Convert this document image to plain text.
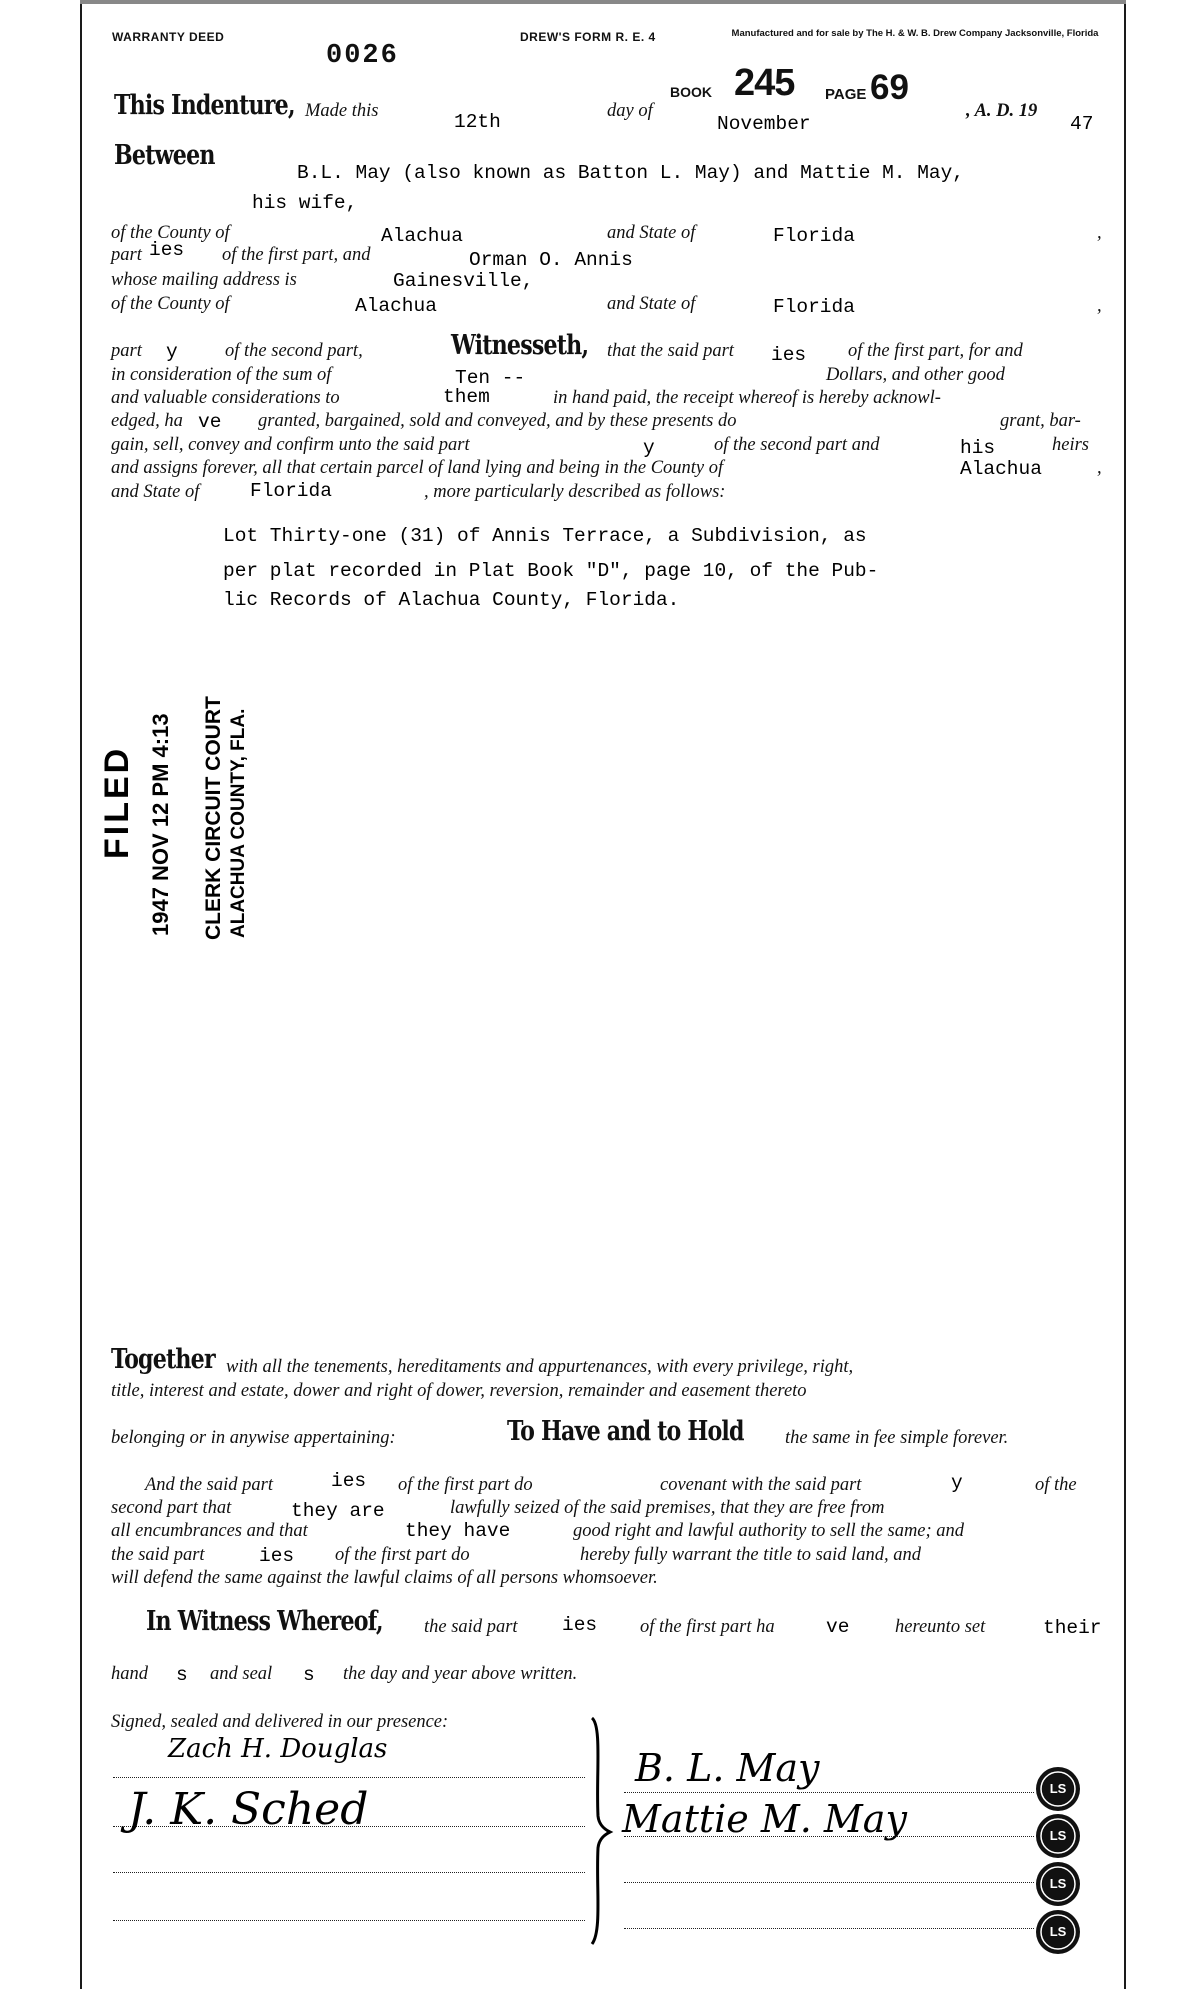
WARRANTY DEED
0026
DREW'S FORM R. E. 4	Manufactured and for sale by The H. & W. B. Drew Company Jacksonville, Florida
BOOK 245 PAGE 69
This Indenture, Made this	12th	day of
November
, A. D. 19
47
Between
B.L. May (also known as Batton L. May) and Mattie M. May,
his wife,
of the County of	Alachua	and State of	Florida	,
part ies of the first part, and	Orman O. Annis
whose mailing address is	Gainesville,
of the County of	Alachua	and State of	Florida	,
part y	of the second part,	Witnesseth, that the said part ies of the first part, for and
in consideration of the sum of	Ten --	Dollars, and other good
and valuable considerations to	them	in hand paid, the receipt whereof is hereby acknowl-
edged, ha ve granted, bargained, sold and conveyed, and by these presents do	grant, bar-
gain, sell, convey and confirm unto the said part	y	of the second part and	his	heirs
and assigns forever, all that certain parcel of land lying and being in the County of	Alachua	,
and State of	Florida	, more particularly described as follows:
Lot Thirty-one (31) of Annis Terrace, a Subdivision, as
per plat recorded in Plat Book "D", page 10, of the Pub-
lic Records of Alachua County, Florida.
FILED 1947 NOV 12 PM 4:13 CLERK CIRCUIT COURT ALACHUA COUNTY, FLA.
Together with all the tenements, hereditaments and appurtenances, with every privilege, right,
title, interest and estate, dower and right of dower, reversion, remainder and easement thereto
belonging or in anywise appertaining:	To Have and to Hold the same in fee simple forever.
And the said part	ies of the first part do	covenant with the said part	y	of the
second part that	they are	lawfully seized of the said premises, that they are free from
all encumbrances and that	they have	good right and lawful authority to sell the same; and
the said part	ies of the first part do	hereby fully warrant the title to said land, and
will defend the same against the lawful claims of all persons whomsoever.
In Witness Whereof, the said part ies of the first part ha	ve hereunto set	their
hand s and seal s the day and year above written.
Signed, sealed and delivered in our presence:
Zach H. Douglas
J. K. Sched
B. L. May
Mattie M. May
LS
LS
LS
LS
